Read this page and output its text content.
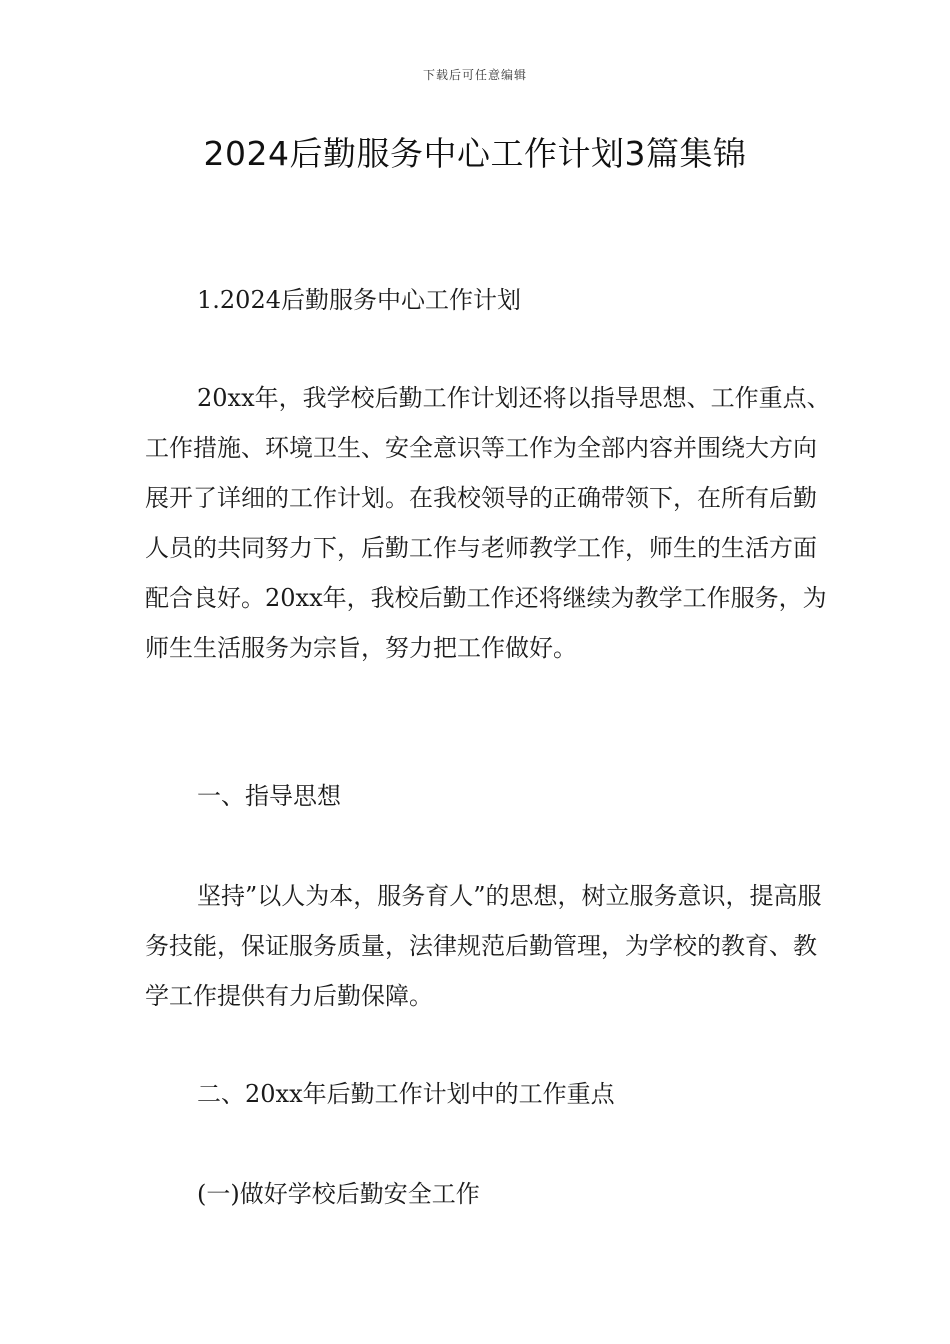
下载后可任意编辑
2024后勤服务中心工作计划3篇集锦

1.2024后勤服务中心工作计划

20xx年，我学校后勤工作计划还将以指导思想、工作重点、工作措施、环境卫生、安全意识等工作为全部内容并围绕大方向展开了详细的工作计划。在我校领导的正确带领下，在所有后勤人员的共同努力下，后勤工作与老师教学工作，师生的生活方面配合良好。20xx年，我校后勤工作还将继续为教学工作服务，为师生生活服务为宗旨，努力把工作做好。

一、指导思想

坚持”以人为本，服务育人”的思想，树立服务意识，提高服务技能，保证服务质量，法律规范后勤管理，为学校的教育、教学工作提供有力后勤保障。

二、20xx年后勤工作计划中的工作重点

(一)做好学校后勤安全工作
